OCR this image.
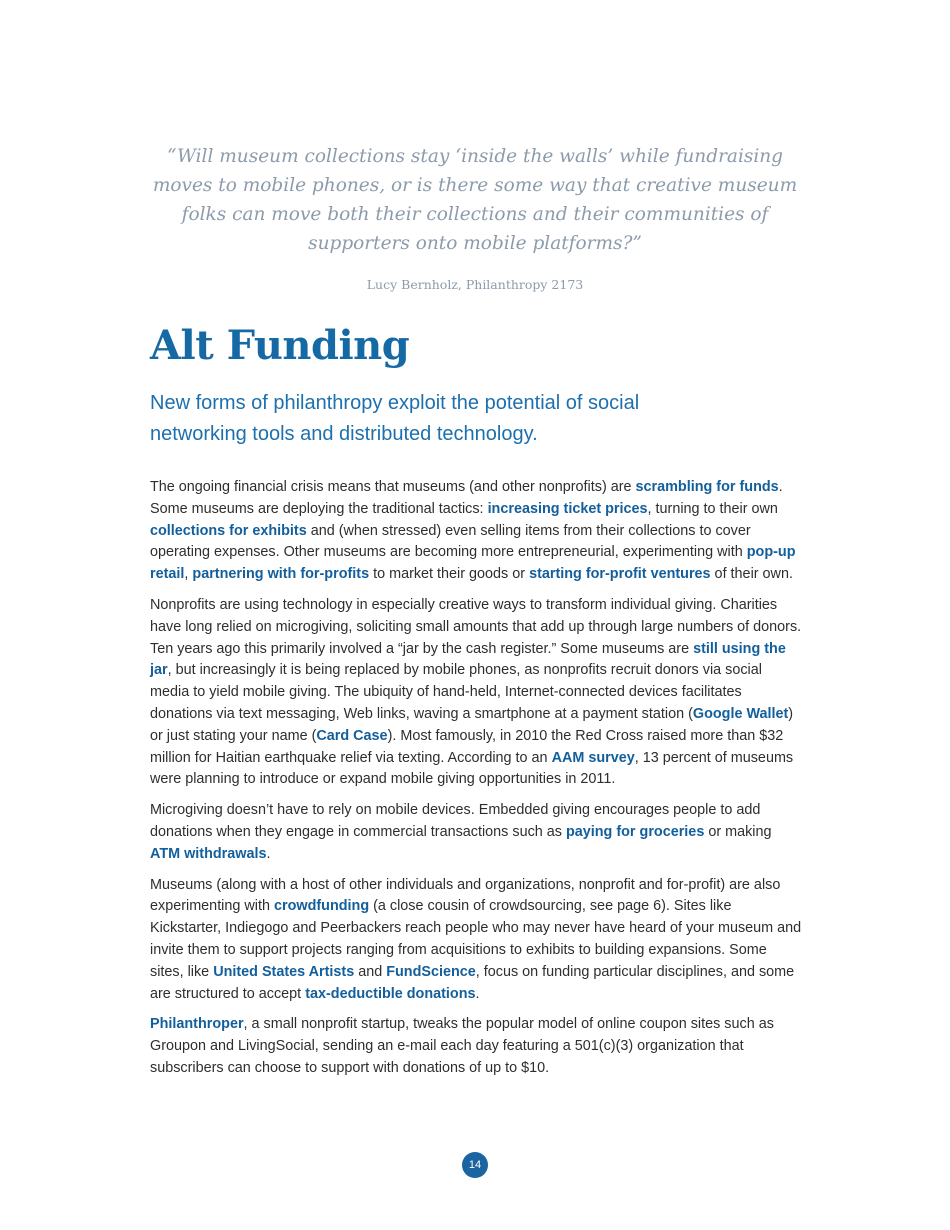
“Will museum collections stay ‘inside the walls’ while fundraising moves to mobile phones, or is there some way that creative museum folks can move both their collections and their communities of supporters onto mobile platforms?”

Lucy Bernholz, Philanthropy 2173

Alt Funding

New forms of philanthropy exploit the potential of social networking tools and distributed technology.

The ongoing financial crisis means that museums (and other nonprofits) are scrambling for funds. Some museums are deploying the traditional tactics: increasing ticket prices, turning to their own collections for exhibits and (when stressed) even selling items from their collections to cover operating expenses. Other museums are becoming more entrepreneurial, experimenting with pop-up retail, partnering with for-profits to market their goods or starting for-profit ventures of their own.

Nonprofits are using technology in especially creative ways to transform individual giving. Charities have long relied on microgiving, soliciting small amounts that add up through large numbers of donors. Ten years ago this primarily involved a “jar by the cash register.” Some museums are still using the jar, but increasingly it is being replaced by mobile phones, as nonprofits recruit donors via social media to yield mobile giving. The ubiquity of hand-held, Internet-connected devices facilitates donations via text messaging, Web links, waving a smartphone at a payment station (Google Wallet) or just stating your name (Card Case). Most famously, in 2010 the Red Cross raised more than $32 million for Haitian earthquake relief via texting. According to an AAM survey, 13 percent of museums were planning to introduce or expand mobile giving opportunities in 2011.

Microgiving doesn’t have to rely on mobile devices. Embedded giving encourages people to add donations when they engage in commercial transactions such as paying for groceries or making ATM withdrawals.

Museums (along with a host of other individuals and organizations, nonprofit and for-profit) are also experimenting with crowdfunding (a close cousin of crowdsourcing, see page 6). Sites like Kickstarter, Indiegogo and Peerbackers reach people who may never have heard of your museum and invite them to support projects ranging from acquisitions to exhibits to building expansions. Some sites, like United States Artists and FundScience, focus on funding particular disciplines, and some are structured to accept tax-deductible donations.

Philanthroper, a small nonprofit startup, tweaks the popular model of online coupon sites such as Groupon and LivingSocial, sending an e-mail each day featuring a 501(c)(3) organization that subscribers can choose to support with donations of up to $10.

14
